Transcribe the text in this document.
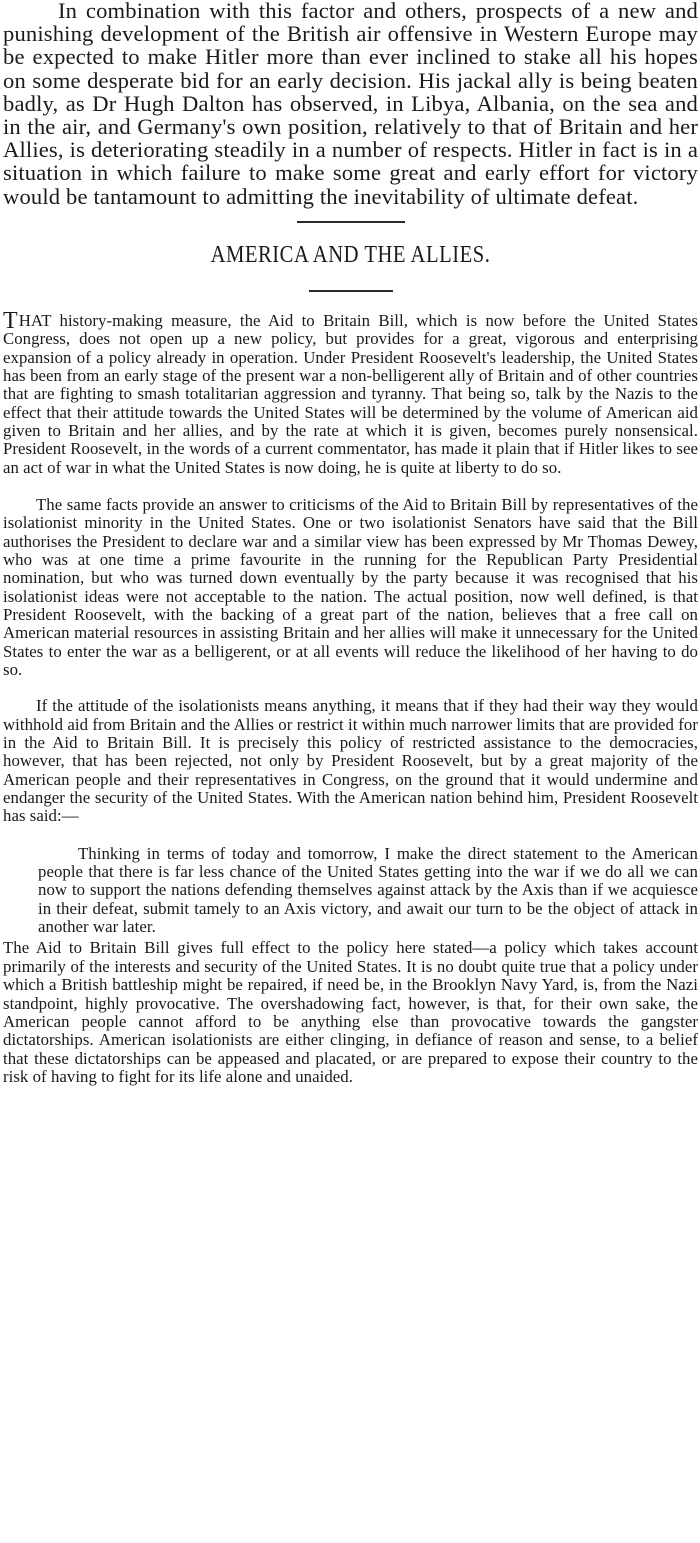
In combination with this factor and others, prospects of a new and punishing development of the British air offensive in Western Europe may be expected to make Hitler more than ever inclined to stake all his hopes on some desperate bid for an early decision. His jackal ally is being beaten badly, as Dr Hugh Dalton has observed, in Libya, Albania, on the sea and in the air, and Germany's own position, relatively to that of Britain and her Allies, is deteriorating steadily in a number of respects. Hitler in fact is in a situation in which failure to make some great and early effort for victory would be tantamount to admitting the inevitability of ultimate defeat.

AMERICA AND THE ALLIES.

THAT history-making measure, the Aid to Britain Bill, which is now before the United States Congress, does not open up a new policy, but provides for a great, vigorous and enterprising expansion of a policy already in operation. Under President Roosevelt's leadership, the United States has been from an early stage of the present war a non-belligerent ally of Britain and of other countries that are fighting to smash totalitarian aggression and tyranny. That being so, talk by the Nazis to the effect that their attitude towards the United States will be determined by the volume of American aid given to Britain and her allies, and by the rate at which it is given, becomes purely nonsensical. President Roosevelt, in the words of a current commentator, has made it plain that if Hitler likes to see an act of war in what the United States is now doing, he is quite at liberty to do so.

The same facts provide an answer to criticisms of the Aid to Britain Bill by representatives of the isolationist minority in the United States. One or two isolationist Senators have said that the Bill authorises the President to declare war and a similar view has been expressed by Mr Thomas Dewey, who was at one time a prime favourite in the running for the Republican Party Presidential nomination, but who was turned down eventually by the party because it was recognised that his isolationist ideas were not acceptable to the nation. The actual position, now well defined, is that President Roosevelt, with the backing of a great part of the nation, believes that a free call on American material resources in assisting Britain and her allies will make it unnecessary for the United States to enter the war as a belligerent, or at all events will reduce the likelihood of her having to do so.

If the attitude of the isolationists means anything, it means that if they had their way they would withhold aid from Britain and the Allies or restrict it within much narrower limits that are provided for in the Aid to Britain Bill. It is precisely this policy of restricted assistance to the democracies, however, that has been rejected, not only by President Roosevelt, but by a great majority of the American people and their representatives in Congress, on the ground that it would undermine and endanger the security of the United States. With the American nation behind him, President Roosevelt has said:—

Thinking in terms of today and tomorrow, I make the direct statement to the American people that there is far less chance of the United States getting into the war if we do all we can now to support the nations defending themselves against attack by the Axis than if we acquiesce in their defeat, submit tamely to an Axis victory, and await our turn to be the object of attack in another war later.

The Aid to Britain Bill gives full effect to the policy here stated—a policy which takes account primarily of the interests and security of the United States. It is no doubt quite true that a policy under which a British battleship might be repaired, if need be, in the Brooklyn Navy Yard, is, from the Nazi standpoint, highly provocative. The overshadowing fact, however, is that, for their own sake, the American people cannot afford to be anything else than provocative towards the gangster dictatorships. American isolationists are either clinging, in defiance of reason and sense, to a belief that these dictatorships can be appeased and placated, or are prepared to expose their country to the risk of having to fight for its life alone and unaided.
